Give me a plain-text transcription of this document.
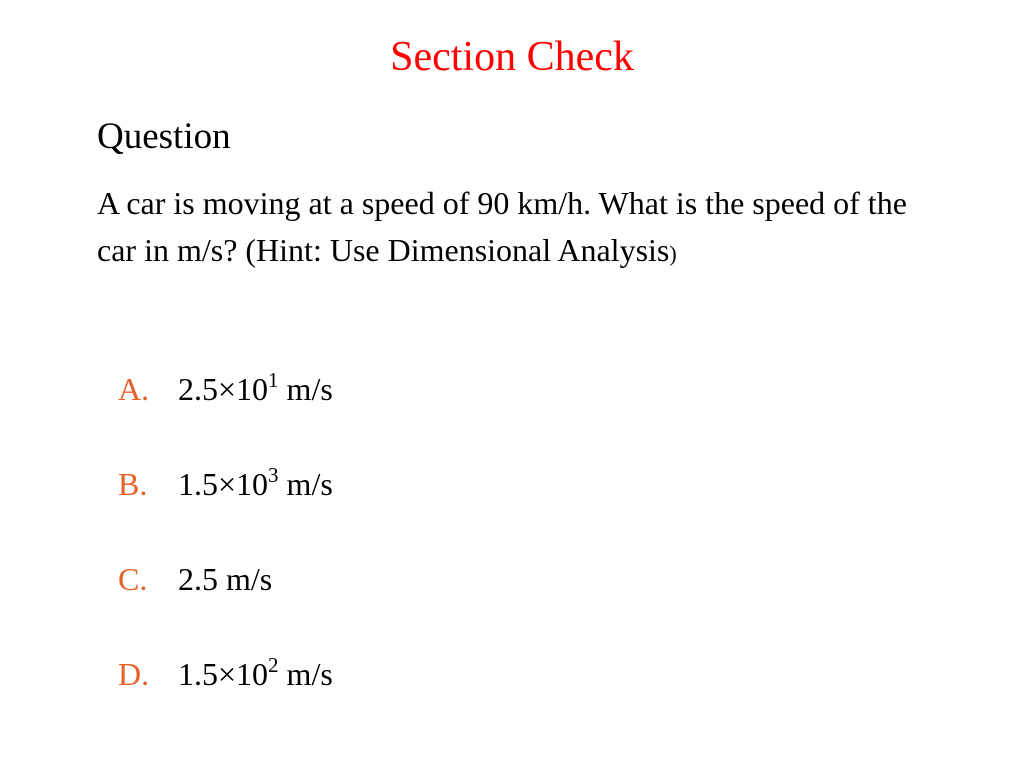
Section Check
Question
A car is moving at a speed of 90 km/h. What is the speed of the car in m/s? (Hint: Use Dimensional Analysis)
A. $2.5\times 10^1$ m/s
B. $1.5\times 10^3$ m/s
C. 2.5 m/s
D. $1.5\times 10^2$ m/s
